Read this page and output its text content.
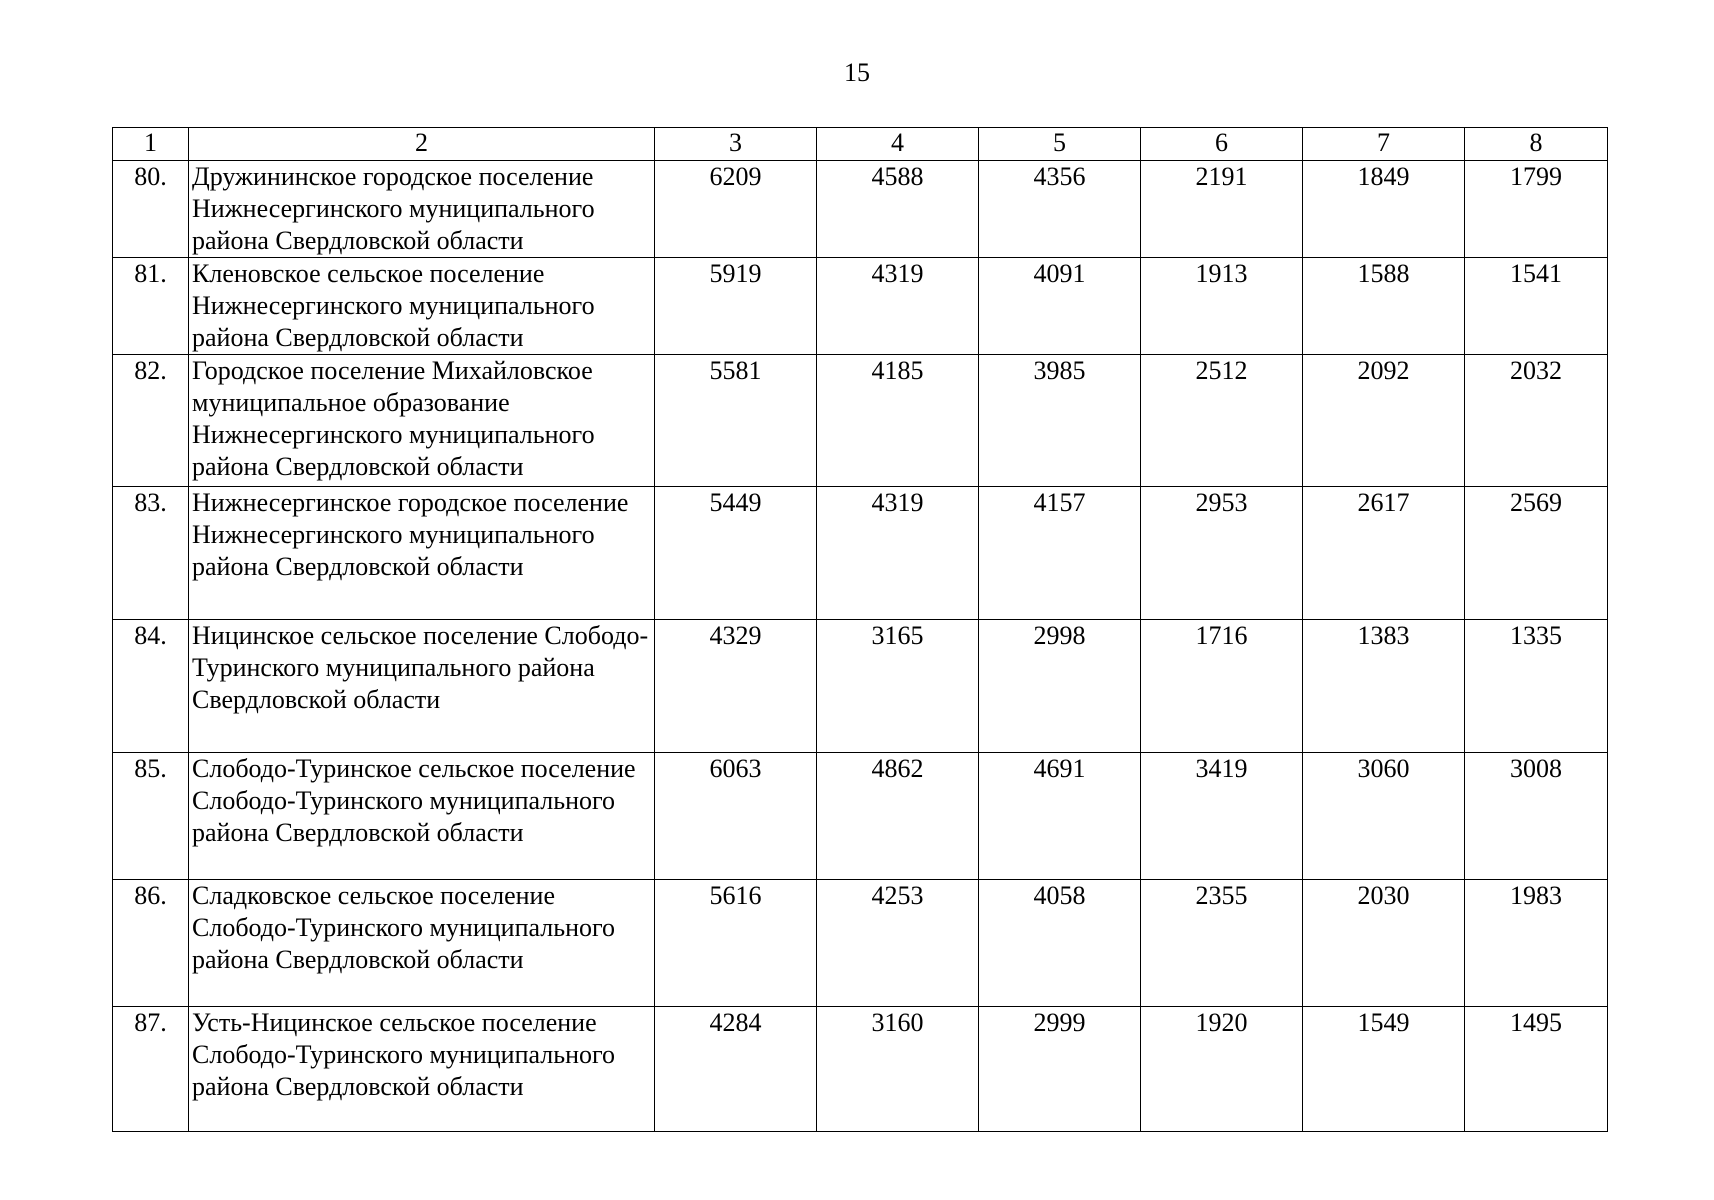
15
1	2	3	4	5	6	7	8
80.	Дружининское городское поселение Нижнесергинского муниципального района Свердловской области	6209	4588	4356	2191	1849	1799
81.	Кленовское сельское поселение Нижнесергинского муниципального района Свердловской области	5919	4319	4091	1913	1588	1541
82.	Городское поселение Михайловское муниципальное образование Нижнесергинского муниципального района Свердловской области	5581	4185	3985	2512	2092	2032
83.	Нижнесергинское городское поселение Нижнесергинского муниципального района Свердловской области	5449	4319	4157	2953	2617	2569
84.	Ницинское сельское поселение Слободо-Туринского муниципального района Свердловской области	4329	3165	2998	1716	1383	1335
85.	Слободо-Туринское сельское поселение Слободо-Туринского муниципального района Свердловской области	6063	4862	4691	3419	3060	3008
86.	Сладковское сельское поселение Слободо-Туринского муниципального района Свердловской области	5616	4253	4058	2355	2030	1983
87.	Усть-Ницинское сельское поселение Слободо-Туринского муниципального района Свердловской области	4284	3160	2999	1920	1549	1495
